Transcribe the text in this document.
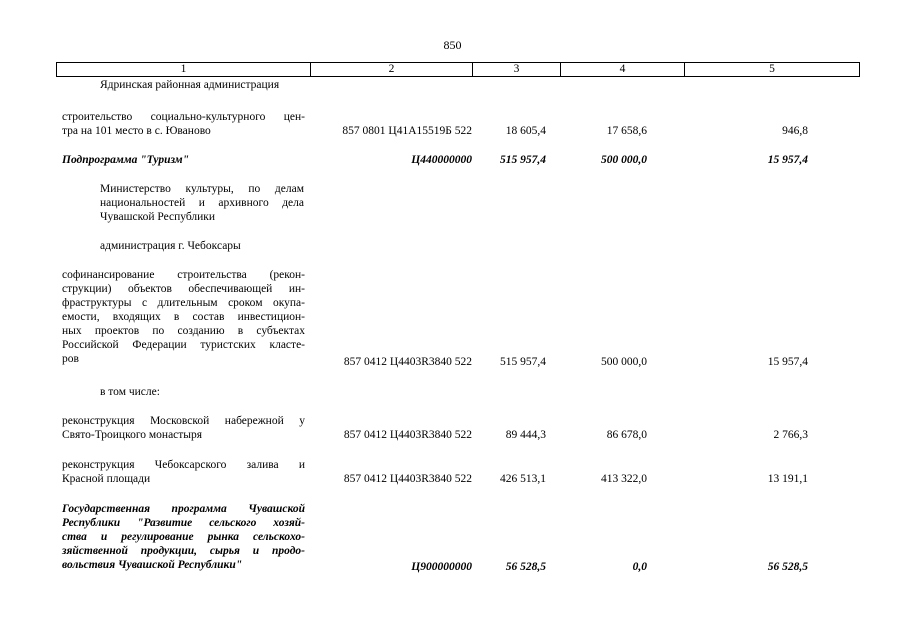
850
1	2	3	4	5
Ядринская районная администрация
строительство социально-культурного цен-
тра на 101 место в с. Юваново	857 0801 Ц41А15519Б 522	18 605,4	17 658,6	946,8
Подпрограмма "Туризм"	Ц440000000	515 957,4	500 000,0	15 957,4
Министерство культуры, по делам
национальностей и архивного дела
Чувашской Республики
администрация г. Чебоксары
софинансирование строительства (рекон-
струкции) объектов обеспечивающей ин-
фраструктуры с длительным сроком окупа-
емости, входящих в состав инвестицион-
ных проектов по созданию в субъектах
Российской Федерации туристских класте-
ров	857 0412 Ц4403R3840 522	515 957,4	500 000,0	15 957,4
в том числе:
реконструкция Московской набережной у
Свято-Троицкого монастыря	857 0412 Ц4403R3840 522	89 444,3	86 678,0	2 766,3
реконструкция Чебоксарского залива и
Красной площади	857 0412 Ц4403R3840 522	426 513,1	413 322,0	13 191,1
Государственная программа Чувашской
Республики "Развитие сельского хозяй-
ства и регулирование рынка сельскохо-
зяйственной продукции, сырья и продо-
вольствия Чувашской Республики"	Ц900000000	56 528,5	0,0	56 528,5
